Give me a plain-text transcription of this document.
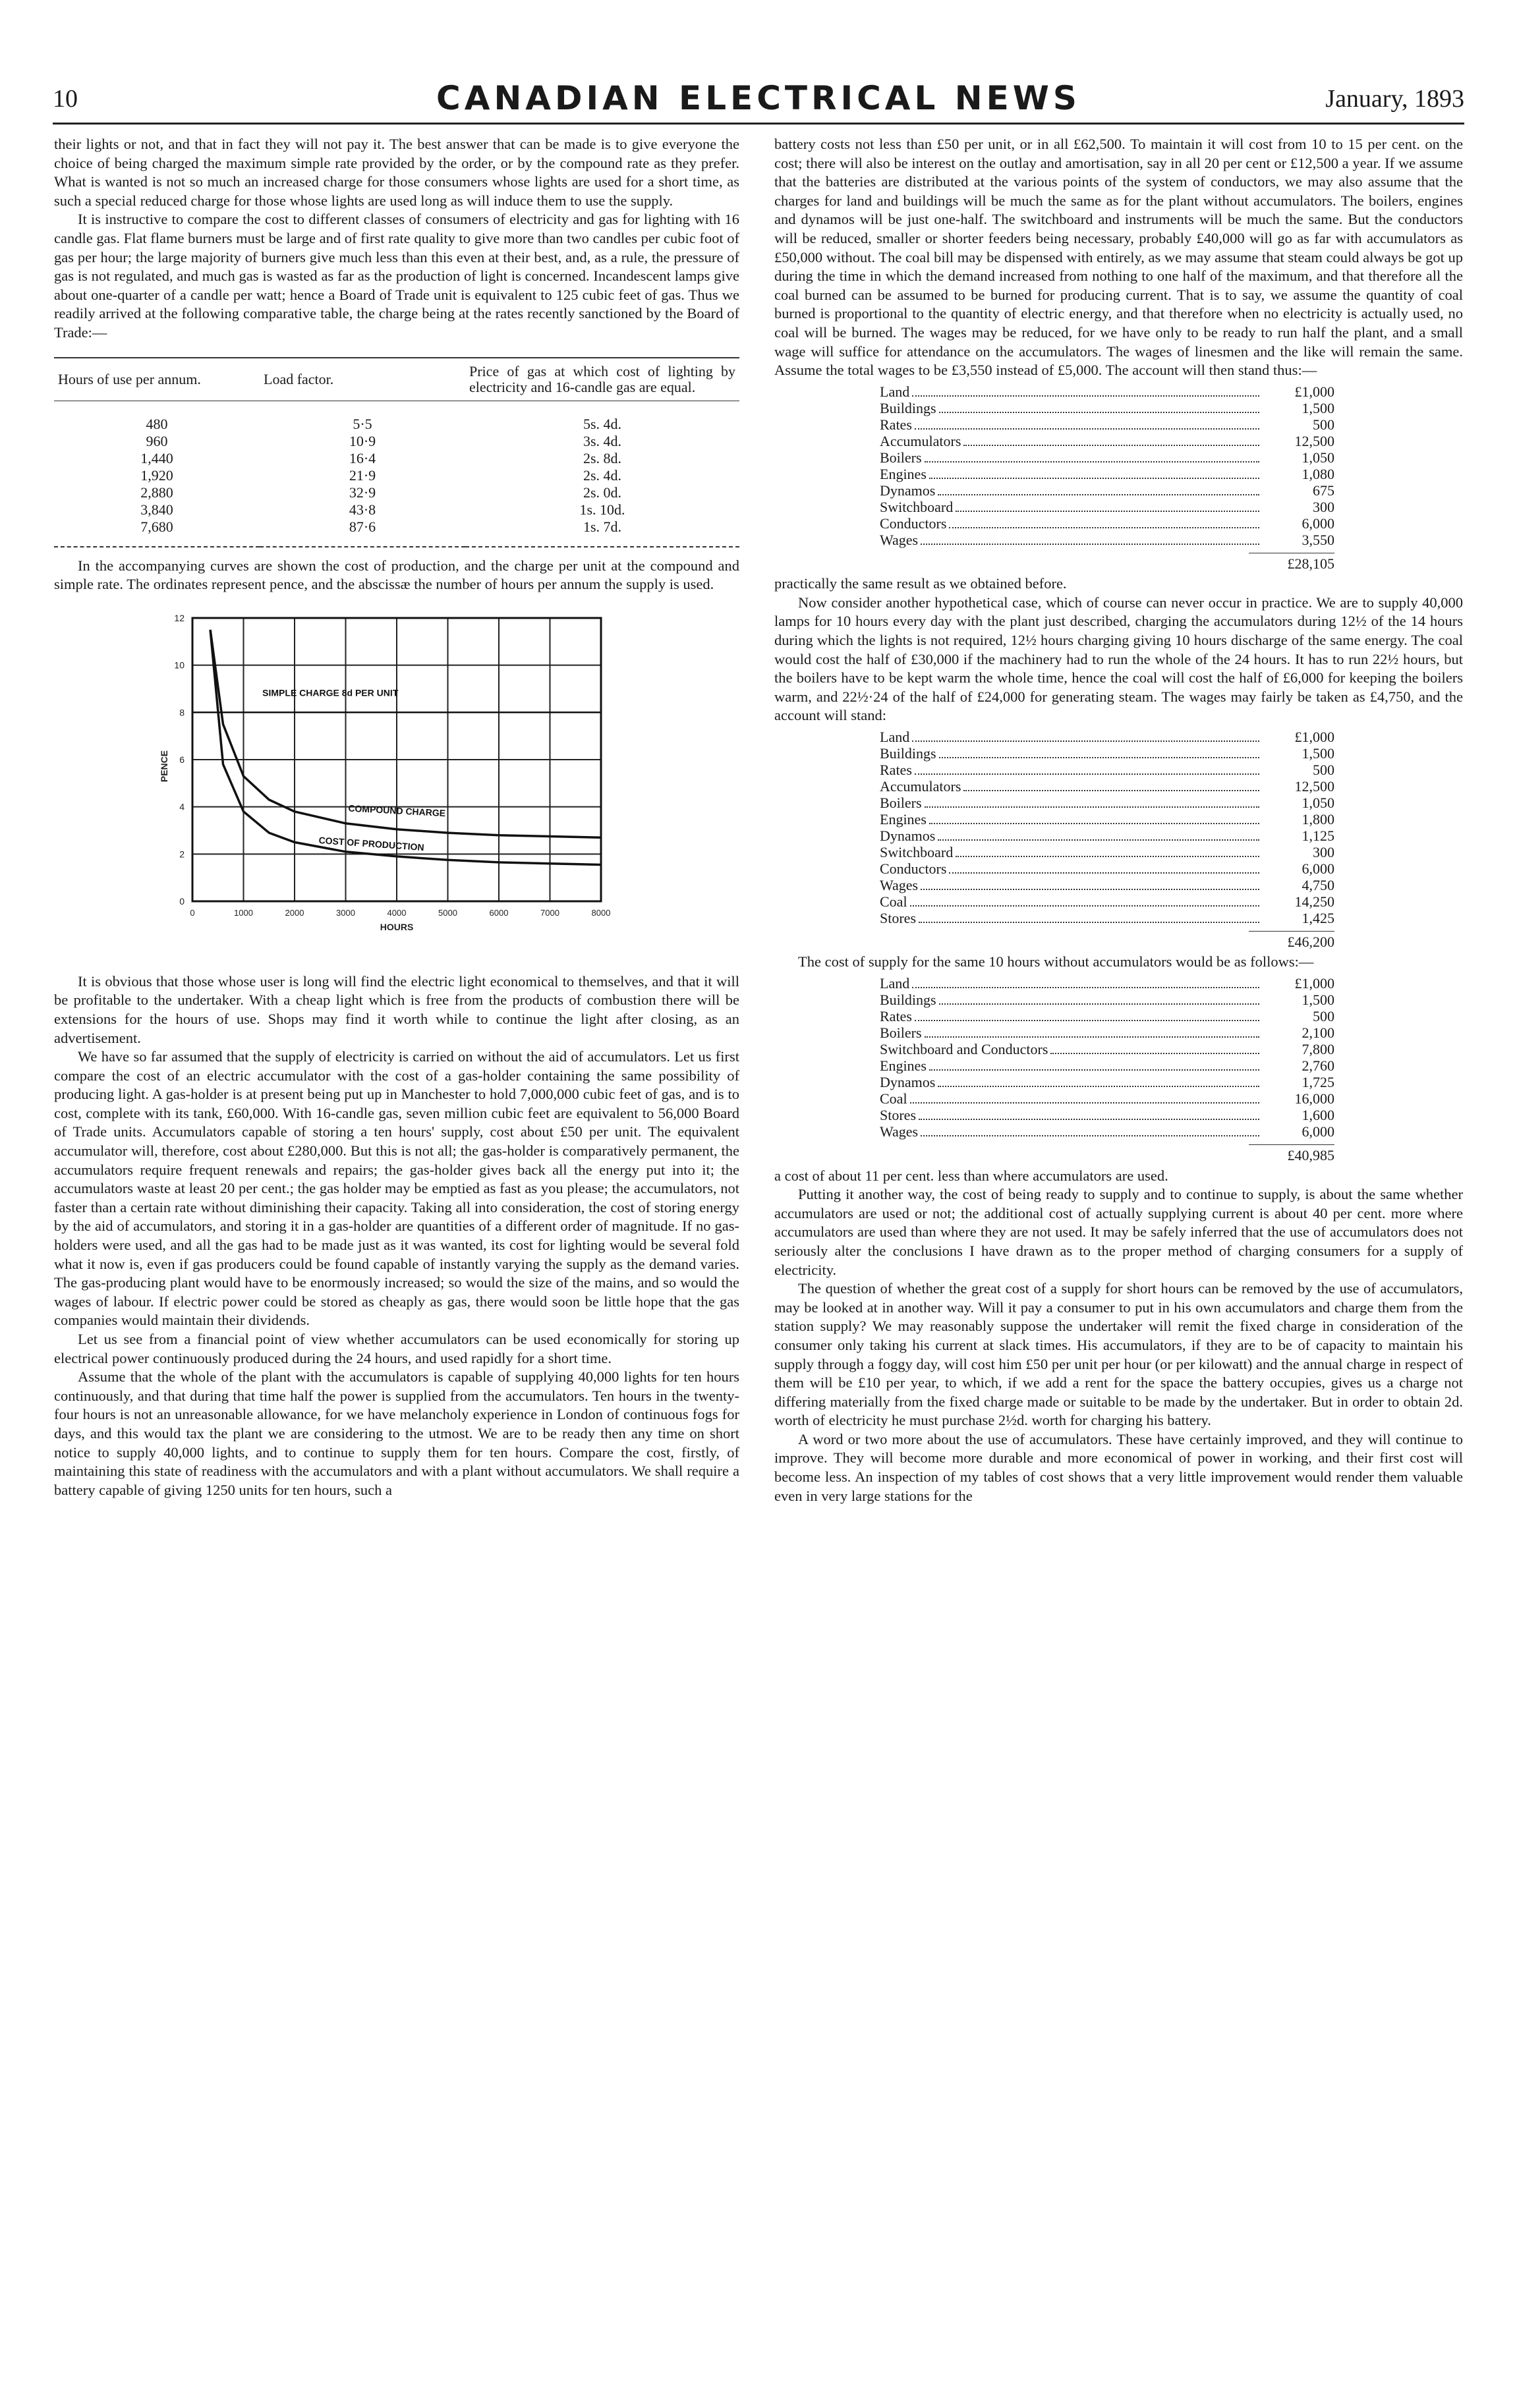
10	CANADIAN ELECTRICAL NEWS	January, 1893

their lights or not, and that in fact they will not pay it. The best answer that can be made is to give everyone the choice of being charged the maximum simple rate provided by the order, or by the compound rate as they prefer. What is wanted is not so much an increased charge for those consumers whose lights are used for a short time, as such a special reduced charge for those whose lights are used long as will induce them to use the supply.

It is instructive to compare the cost to different classes of consumers of electricity and gas for lighting with 16 candle gas. Flat flame burners must be large and of first rate quality to give more than two candles per cubic foot of gas per hour; the large majority of burners give much less than this even at their best, and, as a rule, the pressure of gas is not regulated, and much gas is wasted as far as the production of light is concerned. Incandescent lamps give about one-quarter of a candle per watt; hence a Board of Trade unit is equivalent to 125 cubic feet of gas. Thus we readily arrived at the following comparative table, the charge being at the rates recently sanctioned by the Board of Trade:—

Hours of use per annum.	Load factor.	Price of gas at which cost of lighting by electricity and 16-candle gas are equal.
480	5·5	5s. 4d.
960	10·9	3s. 4d.
1,440	16·4	2s. 8d.
1,920	21·9	2s. 4d.
2,880	32·9	2s. 0d.
3,840	43·8	1s. 10d.
7,680	87·6	1s. 7d.

In the accompanying curves are shown the cost of production, and the charge per unit at the compound and simple rate. The ordinates represent pence, and the abscissæ the number of hours per annum the supply is used.

0	1000	2000	3000	4000	5000	6000	7000	8000
0
2
4
6
8
10
12
HOURS
PENCE
SIMPLE CHARGE 8d PER UNIT
COMPOUND CHARGE
COST OF PRODUCTION

It is obvious that those whose user is long will find the electric light economical to themselves, and that it will be profitable to the undertaker. With a cheap light which is free from the products of combustion there will be extensions for the hours of use. Shops may find it worth while to continue the light after closing, as an advertisement.

We have so far assumed that the supply of electricity is carried on without the aid of accumulators. Let us first compare the cost of an electric accumulator with the cost of a gas-holder containing the same possibility of producing light. A gas-holder is at present being put up in Manchester to hold 7,000,000 cubic feet of gas, and is to cost, complete with its tank, £60,000. With 16-candle gas, seven million cubic feet are equivalent to 56,000 Board of Trade units. Accumulators capable of storing a ten hours' supply, cost about £50 per unit. The equivalent accumulator will, therefore, cost about £280,000. But this is not all; the gas-holder is comparatively permanent, the accumulators require frequent renewals and repairs; the gas-holder gives back all the energy put into it; the accumulators waste at least 20 per cent.; the gas holder may be emptied as fast as you please; the accumulators, not faster than a certain rate without diminishing their capacity. Taking all into consideration, the cost of storing energy by the aid of accumulators, and storing it in a gas-holder are quantities of a different order of magnitude. If no gas-holders were used, and all the gas had to be made just as it was wanted, its cost for lighting would be several fold what it now is, even if gas producers could be found capable of instantly varying the supply as the demand varies. The gas-producing plant would have to be enormously increased; so would the size of the mains, and so would the wages of labour. If electric power could be stored as cheaply as gas, there would soon be little hope that the gas companies would maintain their dividends.

Let us see from a financial point of view whether accumulators can be used economically for storing up electrical power continuously produced during the 24 hours, and used rapidly for a short time.

Assume that the whole of the plant with the accumulators is capable of supplying 40,000 lights for ten hours continuously, and that during that time half the power is supplied from the accumulators. Ten hours in the twenty-four hours is not an unreasonable allowance, for we have melancholy experience in London of continuous fogs for days, and this would tax the plant we are considering to the utmost. We are to be ready then any time on short notice to supply 40,000 lights, and to continue to supply them for ten hours. Compare the cost, firstly, of maintaining this state of readiness with the accumulators and with a plant without accumulators. We shall require a battery capable of giving 1250 units for ten hours, such a

battery costs not less than £50 per unit, or in all £62,500. To maintain it will cost from 10 to 15 per cent. on the cost; there will also be interest on the outlay and amortisation, say in all 20 per cent or £12,500 a year. If we assume that the batteries are distributed at the various points of the system of conductors, we may also assume that the charges for land and buildings will be much the same as for the plant without accumulators. The boilers, engines and dynamos will be just one-half. The switchboard and instruments will be much the same. But the conductors will be reduced, smaller or shorter feeders being necessary, probably £40,000 will go as far with accumulators as £50,000 without. The coal bill may be dispensed with entirely, as we may assume that steam could always be got up during the time in which the demand increased from nothing to one half of the maximum, and that therefore all the coal burned can be assumed to be burned for producing current. That is to say, we assume the quantity of coal burned is proportional to the quantity of electric energy, and that therefore when no electricity is actually used, no coal will be burned. The wages may be reduced, for we have only to be ready to run half the plant, and a small wage will suffice for attendance on the accumulators. The wages of linesmen and the like will remain the same. Assume the total wages to be £3,550 instead of £5,000. The account will then stand thus:—

Land	£1,000
Buildings	1,500
Rates	500
Accumulators	12,500
Boilers	1,050
Engines	1,080
Dynamos	675
Switchboard	300
Conductors	6,000
Wages	3,550
£28,105

practically the same result as we obtained before.

Now consider another hypothetical case, which of course can never occur in practice. We are to supply 40,000 lamps for 10 hours every day with the plant just described, charging the accumulators during 12½ of the 14 hours during which the lights is not required, 12½ hours charging giving 10 hours discharge of the same energy. The coal would cost the half of £30,000 if the machinery had to run the whole of the 24 hours. It has to run 22½ hours, but the boilers have to be kept warm the whole time, hence the coal will cost the half of £6,000 for keeping the boilers warm, and 22½·24 of the half of £24,000 for generating steam. The wages may fairly be taken as £4,750, and the account will stand:

Land	£1,000
Buildings	1,500
Rates	500
Accumulators	12,500
Boilers	1,050
Engines	1,800
Dynamos	1,125
Switchboard	300
Conductors	6,000
Wages	4,750
Coal	14,250
Stores	1,425
£46,200

The cost of supply for the same 10 hours without accumulators would be as follows:—

Land	£1,000
Buildings	1,500
Rates	500
Boilers	2,100
Switchboard and Conductors	7,800
Engines	2,760
Dynamos	1,725
Coal	16,000
Stores	1,600
Wages	6,000
£40,985

a cost of about 11 per cent. less than where accumulators are used.

Putting it another way, the cost of being ready to supply and to continue to supply, is about the same whether accumulators are used or not; the additional cost of actually supplying current is about 40 per cent. more where accumulators are used than where they are not used. It may be safely inferred that the use of accumulators does not seriously alter the conclusions I have drawn as to the proper method of charging consumers for a supply of electricity.

The question of whether the great cost of a supply for short hours can be removed by the use of accumulators, may be looked at in another way. Will it pay a consumer to put in his own accumulators and charge them from the station supply? We may reasonably suppose the undertaker will remit the fixed charge in consideration of the consumer only taking his current at slack times. His accumulators, if they are to be of capacity to maintain his supply through a foggy day, will cost him £50 per unit per hour (or per kilowatt) and the annual charge in respect of them will be £10 per year, to which, if we add a rent for the space the battery occupies, gives us a charge not differing materially from the fixed charge made or suitable to be made by the undertaker. But in order to obtain 2d. worth of electricity he must purchase 2½d. worth for charging his battery.

A word or two more about the use of accumulators. These have certainly improved, and they will continue to improve. They will become more durable and more economical of power in working, and their first cost will become less. An inspection of my tables of cost shows that a very little improvement would render them valuable even in very large stations for the
